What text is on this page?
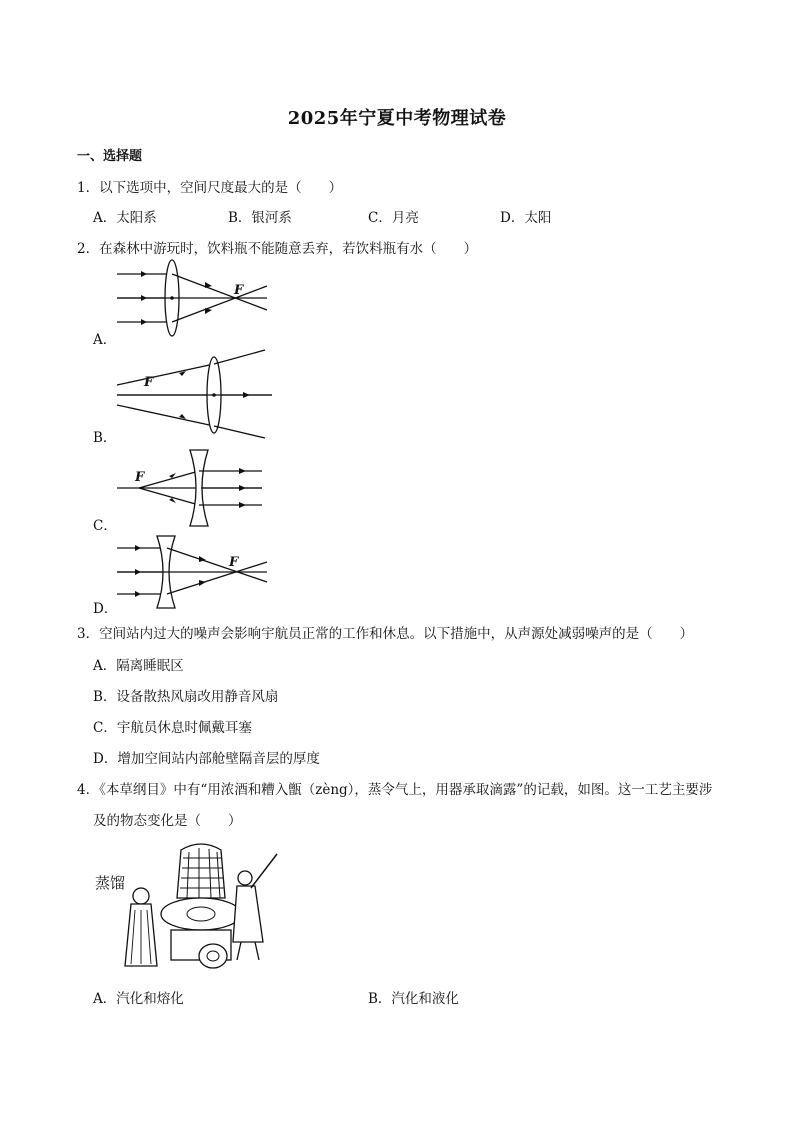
2025年宁夏中考物理试卷
一、选择题
1．以下选项中，空间尺度最大的是（　　）
A．太阳系	B．银河系	C．月亮	D．太阳
2．在森林中游玩时，饮料瓶不能随意丢弃，若饮料瓶有水（　　）
F
A．
F
B．
F
C．
F
D．
3．空间站内过大的噪声会影响宇航员正常的工作和休息。以下措施中，从声源处减弱噪声的是（　　）
A．隔离睡眠区
B．设备散热风扇改用静音风扇
C．宇航员休息时佩戴耳塞
D．增加空间站内部舱壁隔音层的厚度
4．《本草纲目》中有“用浓酒和糟入甑（zèng），蒸令气上，用器承取滴露”的记载，如图。这一工艺主要涉
及的物态变化是（　　）
蒸馏
A．汽化和熔化	B．汽化和液化
